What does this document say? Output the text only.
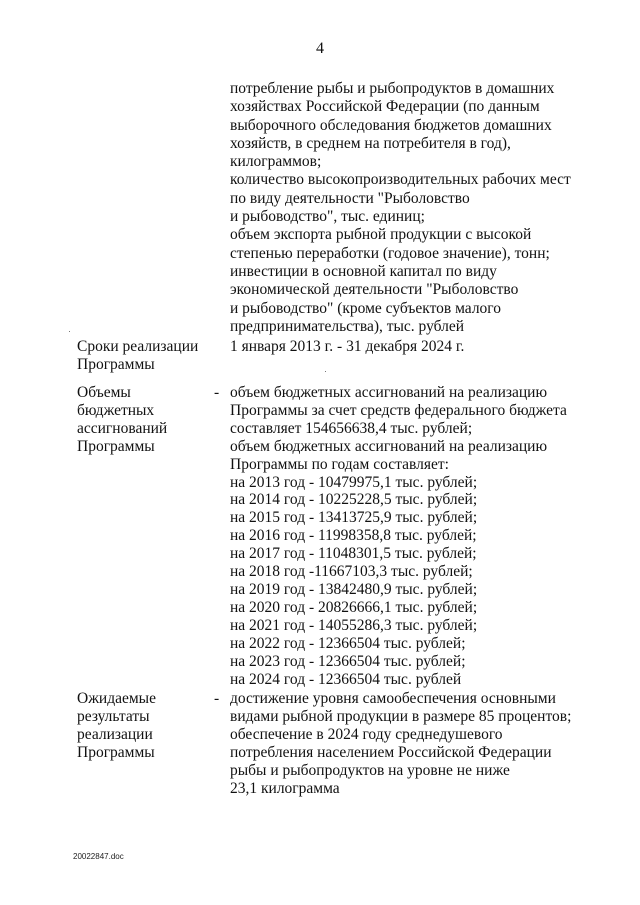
4
потребление рыбы и рыбопродуктов в домашних
хозяйствах Российской Федерации (по данным
выборочного обследования бюджетов домашних
хозяйств, в среднем на потребителя в год),
килограммов;
количество высокопроизводительных рабочих мест
по виду деятельности "Рыболовство
и рыбоводство", тыс. единиц;
объем экспорта рыбной продукции с высокой
степенью переработки (годовое значение), тонн;
инвестиции в основной капитал по виду
экономической деятельности "Рыболовство
и рыбоводство" (кроме субъектов малого
предпринимательства), тыс. рублей
Сроки реализации
Программы
1 января 2013 г. - 31 декабря 2024 г.
Объемы
бюджетных
ассигнований
Программы
- объем бюджетных ассигнований на реализацию
Программы за счет средств федерального бюджета
составляет 154656638,4 тыс. рублей;
объем бюджетных ассигнований на реализацию
Программы по годам составляет:
на 2013 год - 10479975,1 тыс. рублей;
на 2014 год - 10225228,5 тыс. рублей;
на 2015 год - 13413725,9 тыс. рублей;
на 2016 год - 11998358,8 тыс. рублей;
на 2017 год - 11048301,5 тыс. рублей;
на 2018 год -11667103,3 тыс. рублей;
на 2019 год - 13842480,9 тыс. рублей;
на 2020 год - 20826666,1 тыс. рублей;
на 2021 год - 14055286,3 тыс. рублей;
на 2022 год - 12366504 тыс. рублей;
на 2023 год - 12366504 тыс. рублей;
на 2024 год - 12366504 тыс. рублей
Ожидаемые
результаты
реализации
Программы
- достижение уровня самообеспечения основными
видами рыбной продукции в размере 85 процентов;
обеспечение в 2024 году среднедушевого
потребления населением Российской Федерации
рыбы и рыбопродуктов на уровне не ниже
23,1 килограмма
20022847.doc
